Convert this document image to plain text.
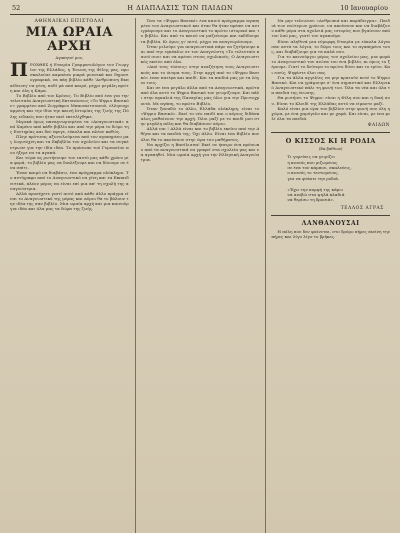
52	Η ΔΙΑΠΛΑΣΙΣ ΤΩΝ ΠΑΙΔΩΝ	10 Ιανουαρίου
ΑΘΗΝΑΪΚΑΙ ΕΠΙΣΤΟΛΑΙ
ΜΙΑ ΩΡΑΙΑ ΑΡΧΗ
Αγαπητοί μου,
Π ΡΟΧΘΕΣ ή Εταιρία Γραμματολόγου του Γεωργίου της Ελλάδος, η Ένωση της Φίλης μας, προσκαλούσε καμπόσα μικρά μουσικά και δημοσιογραφικά, να πάη βιβλίο κάθε 'Ανθρώπινη Εκπαίδευση' να γένη, ποδί μά από καιρό, μέχρι μεγάλη πρώτη και όλη η Κάμα.

Το Βιβλίο από τον Κρόνος. Το Βιβλίο από ένα για την τελευταία Αναγνωστική Εκτυπώσεως «Το Ψηφιο Βασικόν» γραμμένο από Ζωγράφου Μπαουκιτσιανού, ελληνογραμμένη και την ίδια την καινή Ιστορίας της ζωής της Πόλης ειδικώς που ήταν εκεί εκτυλίχθηκε.

Μερικά όμως παναγνωρισμένα τα «Αναγνωστικά» από Χαμένο από κάθε βιβλίο και από την μέρα το δώρο της Ευετηρίας και δεν έφυγε, εύκολα και πλέον καθώς.

Πλην πρότινας αξιοτελούμενα από τον αγαπημένο μας λογοτέχνη και τα Εκβιβλία του σχολείου και τα συγκέντρωσε για την ιδία ιδέα. Το πρόσωπο τού Γυμνασίου που ήξερε να τα αγαπά.

Και τώρα ας ρωτήσουμε τον εαυτό μας κάθε χρόνο μια φορά, το βιβλίο μας να διαλέξουμε και να δίνουμε σε ένα σπίτι.

Έναν καιρό να διαβάσω, ένα πρόγραμμα ολόκληρο. Το αντίγραφο από το Αναγνωστικό να γίνη και τα Εκπαιδευτικά, πλέον μέρος να είναι επί μια απ' τη σχολή της αναγνώστρια.

Αλλά προσέχετε γιατί αυτό από κάθε άλλο πράγμα είναι το Αναγνωστικό της μέρας και αύριο θα το βάλουν την ιδέα της σαν βιβλίο. Μια ωραία αρχή και μια καινούργια ιδέα και όλα μας τα δώρα της ζωής.

Όσο τα «Ψηφιο Βασικό» ένα καινό πρόγραμμα αγαπημένο του Αναγνωστικού και όταν θα ήταν πρέπει να αντιγράψουμε και το Αναγνωστικό το πρώτο ιστορικό και το βιβλίο. Και από το καινό να μαζεύουμε και εκδίδουμε τα βιβλία. Κι όμως γι' αυτό, μέχρι να αναγνωρίσουμε.

Όταν μιλούμε για αναγνωστικά πάμε να ζητήσουμε και από την εγκύκλιο σε τον Αναγνώστη «Το τελευταίο καινό σου» και να αρέσει στους σχολικούς. Ο Αναγνωστικός εκείνο από όλα.

«Από τους τόσους» στην αναζήτηση τους Αναγνωστικούς και το όνομα τους. Στην αρχή από το «Ψηφιο Βασικό» έναν πατέρα και παιδί. Και τα παιδιά μας με τα λόγια τους.

Και σε ένα μεγάλο άλλα από τα Αναγνωστικά, πρώτα από όλα αυτό το Ψηφιο Βασικό τον γνωρίζουμε. Και πάλι στην αγκαλιά της Παναγίας μας όλοι για την Πρωτοχρονιά. Με αγάπη, το πρώτο Βιβλίο.

Όταν ξαναδώ το άλλο, Ελλάδα ολόκληρη, είναι το «Ψηφιο Βασικό». Εκεί το νέο παιδί και ο κύριος διδάσκαλος μαθαίνουν την αρχή. Όλοι μαζί με το παιδί μου στην μεγάλη πόλη και θα διαβάσουν αύριο.

Αλλά ναι ! Αλλά είναι και το βιβλίο εκείνο από την Αθήνα και τα παιδιά της. Όχι άλλο. Είναι ένα Βιβλίο που όλοι θα το ακούσουν στην ώρα του μαθήματος.

Να αρχίζει η Βασίλισσα! Εκεί σε ήπειρο ένα πρόσωπο από τα αναγνωστικά να γραφεί στα σχολεία μας και να αγαπηθεί. Μια ωραία αρχή για την Ελληνική Αναγνώστρια.

Να μην τελειώσει «Ανθρωπιά και παράδειγμα». Παιδιά των νεώτερων χρόνων, να ακούσουν και να διαβάζουν κάθε μέρα στα σχολειά μας ιστορίες που βγαίνουν από τον λαό μας, γιατί τον αγαπούμε.

Είναι αληθινά μια εύμορφη Εταιρία με εύκολα λόγια σαν αυτά τα λόγια, το δώρο τους και το αγαπημένο τους, και διαβάζουμε για τα καλά σου.

Για το καινούργιο μέρος του σχολείου μας, μια φορά το Αναγνωστικό του αιώνα του ένα βιβλίο, κι όμως το ξέρουμε. Γιατί το δεύτερο το πρώτο δίνει και το τρίτο. Και εσείς; Ψηφίστε όλοι σας.

Για τα άλλα αγγελίες να μην κρατούν ποτέ το Ψηφιο Βασικό. Και να γράψουμε σ' ένα σημαντικό και Ελληνικό Αναγνωστικό πάλι τη φωνή του. Όλα τα νέα και όλα τα παιδιά της ένωσης.

Θα ρωτήσει το Ψηφιο: είναι η Φίλη σου και η δική σου. Είναι το Κλειδί της Ελλάδας αυτό να είμαστε μαζί.

Καλό είναι μια ώρα του βιβλίου στην φωνή σου όλη η χώρα, με ένα χαμόγελο και με χαρά. Και είναι, με ένα φιλί όλα τα παιδιά.

ΦΑΙΔΩΝ
Ο ΚΙΣΣΟΣ ΚΙ Η ΡΟΔΙΑ
(Εκ βαθέων)
Τι γυρεύεις να γειρίζει
η κισσός που ριζωμένος
σε ένα τον κάμπου, σκαλεύεις,
ο κισσός το τεντωμένος,
για να φτάσει την ροδιά.

«Έχω την κορφή της κάμω
να ανεβώ στα ψηλά κλαδιά
να θερίσω τη δροσιά».
ΤΕΛΛΟΣ ΑΓΡΑΣ
ΛΑΝΘΑΝΟΥΣΑΙ

Η πόλη που δεν φαίνεται, στο δρόμο πήρες εκείνη την πήρες και λίγο λίγο το βρήκες.
